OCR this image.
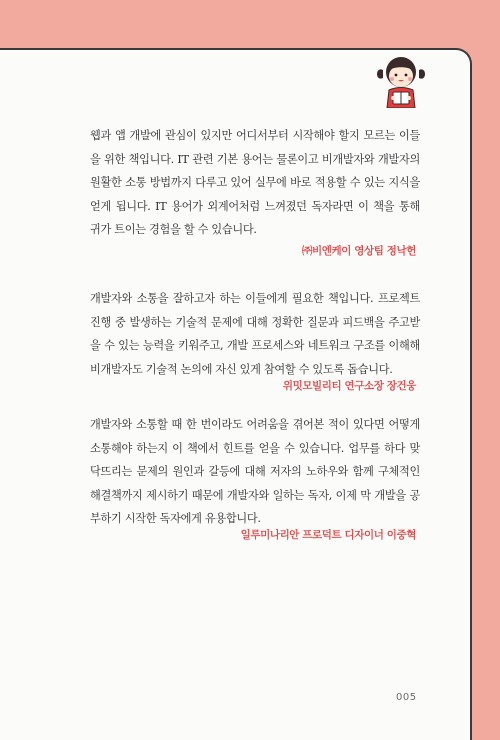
웹과 앱 개발에 관심이 있지만 어디서부터 시작해야 할지 모르는 이들을 위한 책입니다. IT 관련 기본 용어는 물론이고 비개발자와 개발자의 원활한 소통 방법까지 다루고 있어 실무에 바로 적용할 수 있는 지식을 얻게 됩니다. IT 용어가 외계어처럼 느껴졌던 독자라면 이 책을 통해 귀가 트이는 경험을 할 수 있습니다.

㈜비엔케이 영상팀 정낙헌

개발자와 소통을 잘하고자 하는 이들에게 필요한 책입니다. 프로젝트 진행 중 발생하는 기술적 문제에 대해 정확한 질문과 피드백을 주고받을 수 있는 능력을 키워주고, 개발 프로세스와 네트워크 구조를 이해해 비개발자도 기술적 논의에 자신 있게 참여할 수 있도록 돕습니다.

위밋모빌리티 연구소장 장건웅

개발자와 소통할 때 한 번이라도 어려움을 겪어본 적이 있다면 어떻게 소통해야 하는지 이 책에서 힌트를 얻을 수 있습니다. 업무를 하다 맞닥뜨리는 문제의 원인과 갈등에 대해 저자의 노하우와 함께 구체적인 해결책까지 제시하기 때문에 개발자와 일하는 독자, 이제 막 개발을 공부하기 시작한 독자에게 유용합니다.

일루미나리안 프로덕트 디자이너 이중혁
005
